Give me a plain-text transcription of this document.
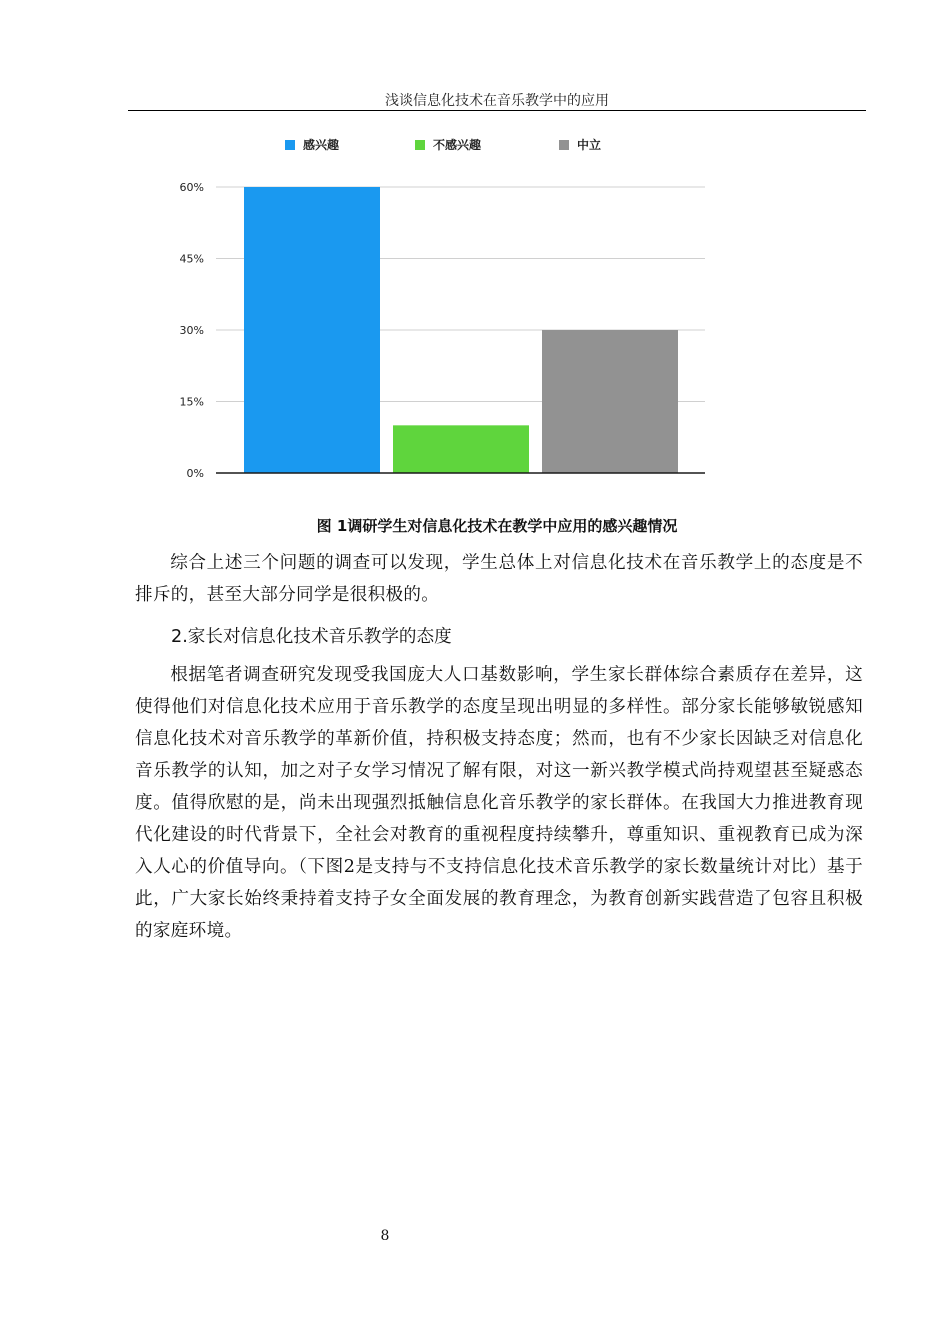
浅谈信息化技术在音乐教学中的应用
感兴趣	不感兴趣	中立
0%
15%
30%
45%
60%
图 1调研学生对信息化技术在教学中应用的感兴趣情况

综合上述三个问题的调查可以发现，学生总体上对信息化技术在音乐教学上的态度是不排斥的，甚至大部分同学是很积极的。

2.家长对信息化技术音乐教学的态度

根据笔者调查研究发现受我国庞大人口基数影响，学生家长群体综合素质存在差异，这使得他们对信息化技术应用于音乐教学的态度呈现出明显的多样性。部分家长能够敏锐感知信息化技术对音乐教学的革新价值，持积极支持态度；然而，也有不少家长因缺乏对信息化音乐教学的认知，加之对子女学习情况了解有限，对这一新兴教学模式尚持观望甚至疑惑态度。值得欣慰的是，尚未出现强烈抵触信息化音乐教学的家长群体。在我国大力推进教育现代化建设的时代背景下，全社会对教育的重视程度持续攀升，尊重知识、重视教育已成为深入人心的价值导向。（下图2是支持与不支持信息化技术音乐教学的家长数量统计对比）基于此，广大家长始终秉持着支持子女全面发展的教育理念，为教育创新实践营造了包容且积极的家庭环境。

8
